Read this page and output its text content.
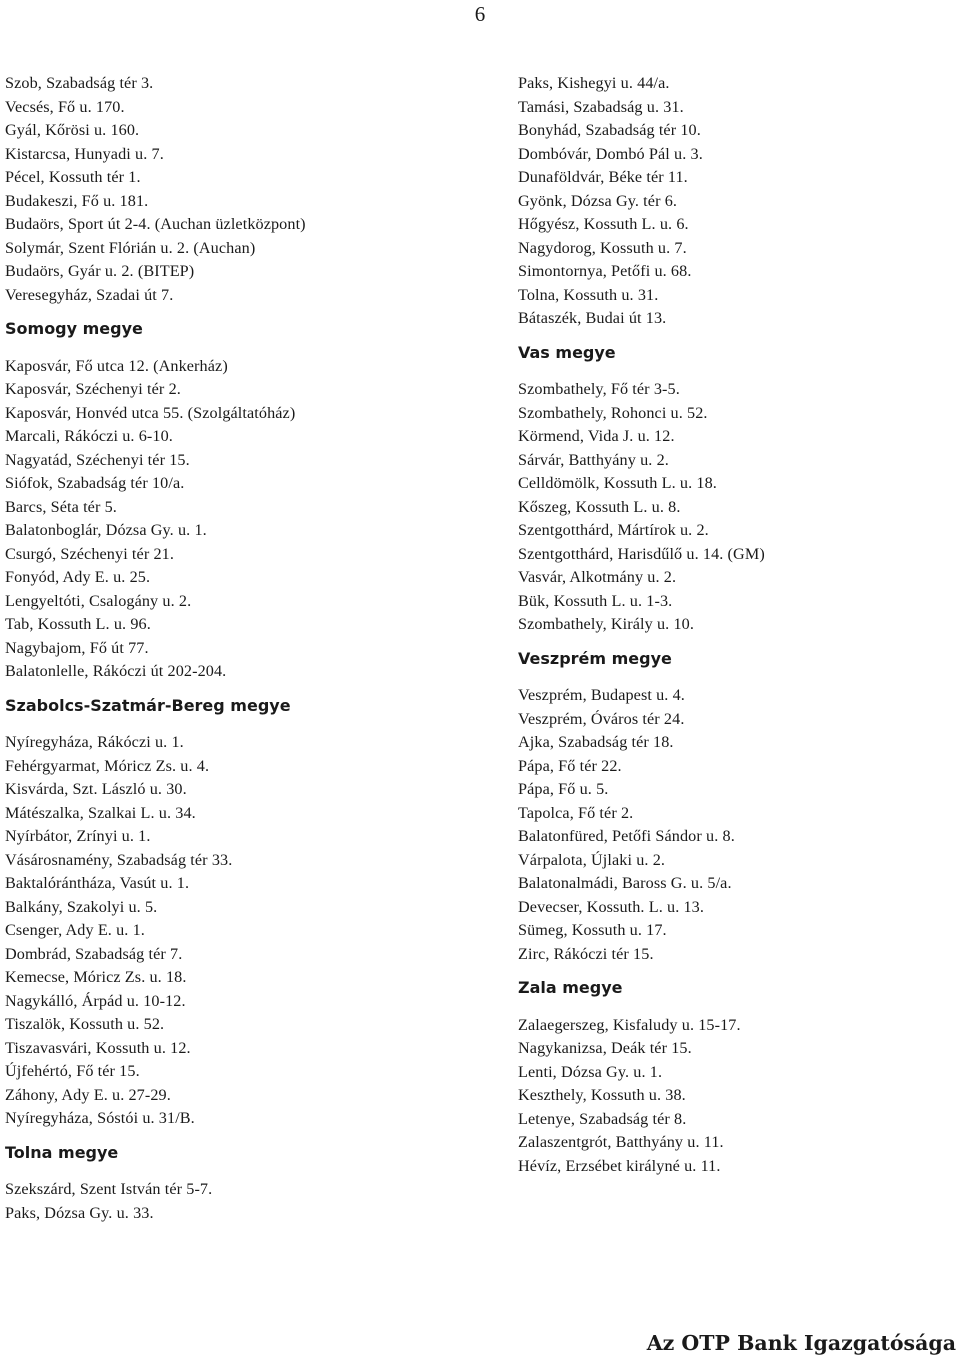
6
Szob, Szabadság tér 3.
Vecsés, Fő u. 170.
Gyál, Kőrösi u. 160.
Kistarcsa, Hunyadi u. 7.
Pécel, Kossuth tér 1.
Budakeszi, Fő u. 181.
Budaörs, Sport út 2-4. (Auchan üzletközpont)
Solymár, Szent Flórián u. 2. (Auchan)
Budaörs, Gyár u. 2. (BITEP)
Veresegyház, Szadai út 7.
Somogy megye
Kaposvár, Fő utca 12. (Ankerház)
Kaposvár, Széchenyi tér 2.
Kaposvár, Honvéd utca 55. (Szolgáltatóház)
Marcali, Rákóczi u. 6-10.
Nagyatád, Széchenyi tér 15.
Siófok, Szabadság tér 10/a.
Barcs, Séta tér 5.
Balatonboglár, Dózsa Gy. u. 1.
Csurgó, Széchenyi tér 21.
Fonyód, Ady E. u. 25.
Lengyeltóti, Csalogány u. 2.
Tab, Kossuth L. u. 96.
Nagybajom, Fő út 77.
Balatonlelle, Rákóczi út 202-204.
Szabolcs-Szatmár-Bereg megye
Nyíregyháza, Rákóczi u. 1.
Fehérgyarmat, Móricz Zs. u. 4.
Kisvárda, Szt. László u. 30.
Mátészalka, Szalkai L. u. 34.
Nyírbátor, Zrínyi u. 1.
Vásárosnamény, Szabadság tér 33.
Baktalórántháza, Vasút u. 1.
Balkány, Szakolyi u. 5.
Csenger, Ady E. u. 1.
Dombrád, Szabadság tér 7.
Kemecse, Móricz Zs. u. 18.
Nagykálló, Árpád u. 10-12.
Tiszalök, Kossuth u. 52.
Tiszavasvári, Kossuth u. 12.
Újfehértó, Fő tér 15.
Záhony, Ady E. u. 27-29.
Nyíregyháza, Sóstói u. 31/B.
Tolna megye
Szekszárd, Szent István tér 5-7.
Paks, Dózsa Gy. u. 33.
Paks, Kishegyi u. 44/a.
Tamási, Szabadság u. 31.
Bonyhád, Szabadság tér 10.
Dombóvár, Dombó Pál u. 3.
Dunaföldvár, Béke tér 11.
Gyönk, Dózsa Gy. tér 6.
Hőgyész, Kossuth L. u. 6.
Nagydorog, Kossuth u. 7.
Simontornya, Petőfi u. 68.
Tolna, Kossuth u. 31.
Bátaszék, Budai út 13.
Vas megye
Szombathely, Fő tér 3-5.
Szombathely, Rohonci u. 52.
Körmend, Vida J. u. 12.
Sárvár, Batthyány u. 2.
Celldömölk, Kossuth L. u. 18.
Kőszeg, Kossuth L. u. 8.
Szentgotthárd, Mártírok u. 2.
Szentgotthárd, Harisdűlő u. 14. (GM)
Vasvár, Alkotmány u. 2.
Bük, Kossuth L. u. 1-3.
Szombathely, Király u. 10.
Veszprém megye
Veszprém, Budapest u. 4.
Veszprém, Óváros tér 24.
Ajka, Szabadság tér 18.
Pápa, Fő tér 22.
Pápa, Fő u. 5.
Tapolca, Fő tér 2.
Balatonfüred, Petőfi Sándor u. 8.
Várpalota, Újlaki u. 2.
Balatonalmádi, Baross G. u. 5/a.
Devecser, Kossuth. L. u. 13.
Sümeg, Kossuth u. 17.
Zirc, Rákóczi tér 15.
Zala megye
Zalaegerszeg, Kisfaludy u. 15-17.
Nagykanizsa, Deák tér 15.
Lenti, Dózsa Gy. u. 1.
Keszthely, Kossuth u. 38.
Letenye, Szabadság tér 8.
Zalaszentgrót, Batthyány u. 11.
Hévíz, Erzsébet királyné u. 11.
Az OTP Bank Igazgatósága
